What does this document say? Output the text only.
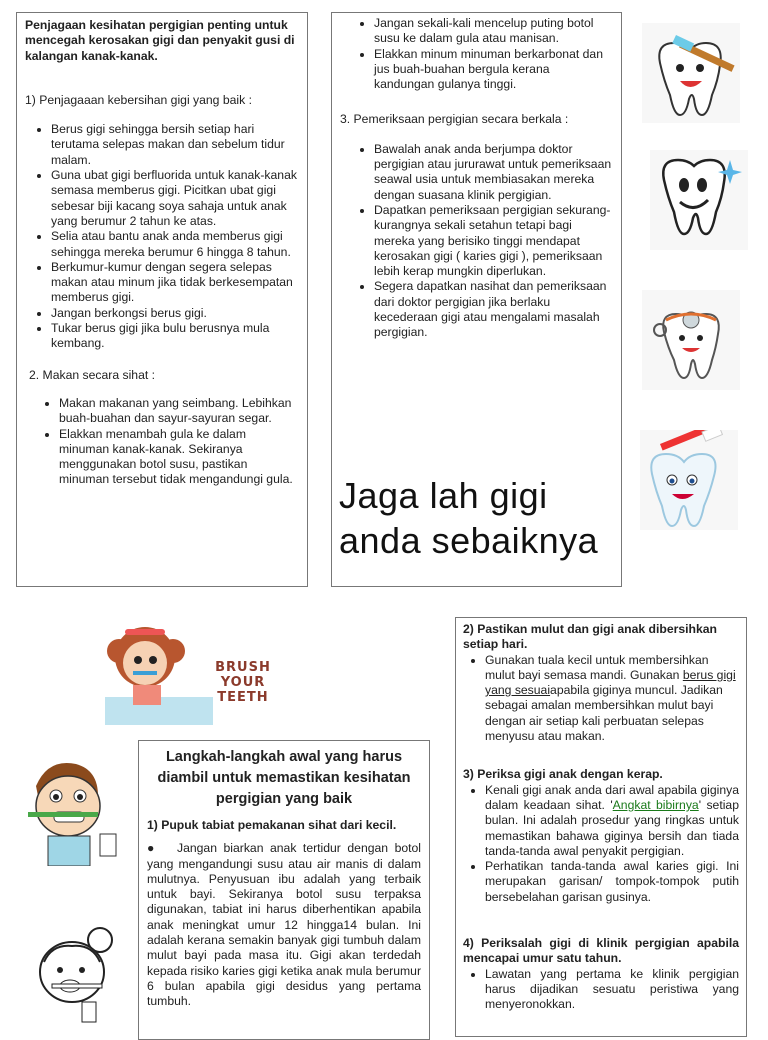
Penjagaan kesihatan pergigian penting untuk mencegah kerosakan gigi dan penyakit gusi di kalangan kanak-kanak.
1) Penjagaaan kebersihan gigi yang baik :
• Berus gigi sehingga bersih setiap hari terutama selepas makan dan sebelum tidur malam.
• Guna ubat gigi berfluorida untuk kanak-kanak semasa memberus gigi. Picitkan ubat gigi sebesar biji kacang soya sahaja untuk anak yang berumur 2 tahun ke atas.
• Selia atau bantu anak anda memberus gigi sehingga mereka berumur 6 hingga 8 tahun.
• Berkumur-kumur dengan segera selepas makan atau minum jika tidak berkesempatan memberus gigi.
• Jangan berkongsi berus gigi.
• Tukar berus gigi jika bulu berusnya mula kembang.
2. Makan secara sihat :
• Makan makanan yang seimbang. Lebihkan buah-buahan dan sayur-sayuran segar.
• Elakkan menambah gula ke dalam minuman kanak-kanak. Sekiranya menggunakan botol susu, pastikan minuman tersebut tidak mengandungi gula.
• Jangan sekali-kali mencelup puting botol susu ke dalam gula atau manisan.
• Elakkan minum minuman berkarbonat dan jus buah-buahan bergula kerana kandungan gulanya tinggi.
3. Pemeriksaan pergigian secara berkala :
• Bawalah anak anda berjumpa doktor pergigian atau jururawat untuk pemeriksaan seawal usia untuk membiasakan mereka dengan suasana klinik pergigian.
• Dapatkan pemeriksaan pergigian sekurang-kurangnya sekali setahun tetapi bagi mereka yang berisiko tinggi mendapat kerosakan gigi ( karies gigi ), pemeriksaan lebih kerap mungkin diperlukan.
• Segera dapatkan nasihat dan pemeriksaan dari doktor pergigian jika berlaku kecederaan gigi atau mengalami masalah pergigian.
Jaga lah gigi anda sebaiknya
BRUSH
YOUR
TEETH
2) Pastikan mulut dan gigi anak dibersihkan setiap hari.
• Gunakan tuala kecil untuk membersihkan mulut bayi semasa mandi. Gunakan berus gigi yang sesuaiapabila giginya muncul. Jadikan sebagai amalan membersihkan mulut bayi dengan air setiap kali perbuatan selepas menyusu atau makan.
3) Periksa gigi anak dengan kerap.
• Kenali gigi anak anda dari awal apabila giginya dalam keadaan sihat. 'Angkat bibirnya' setiap bulan. Ini adalah prosedur yang ringkas untuk memastikan bahawa giginya bersih dan tiada tanda-tanda awal penyakit pergigian.
• Perhatikan tanda-tanda awal karies gigi. Ini merupakan garisan/ tompok-tompok putih bersebelahan garisan gusinya.
4) Periksalah gigi di klinik pergigian apabila mencapai umur satu tahun.
• Lawatan yang pertama ke klinik pergigian harus dijadikan sesuatu peristiwa yang menyeronokkan.
Langkah-langkah awal yang harus diambil untuk memastikan kesihatan pergigian yang baik
1) Pupuk tabiat pemakanan sihat dari kecil.
● Jangan biarkan anak tertidur dengan botol yang mengandungi susu atau air manis di dalam mulutnya. Penyusuan ibu adalah yang terbaik untuk bayi. Sekiranya botol susu terpaksa digunakan, tabiat ini harus diberhentikan apabila anak meningkat umur 12 hingga14 bulan. Ini adalah kerana semakin banyak gigi tumbuh dalam mulut bayi pada masa itu. Gigi akan terdedah kepada risiko karies gigi ketika anak mula berumur 6 bulan apabila gigi desidus yang pertama tumbuh.
